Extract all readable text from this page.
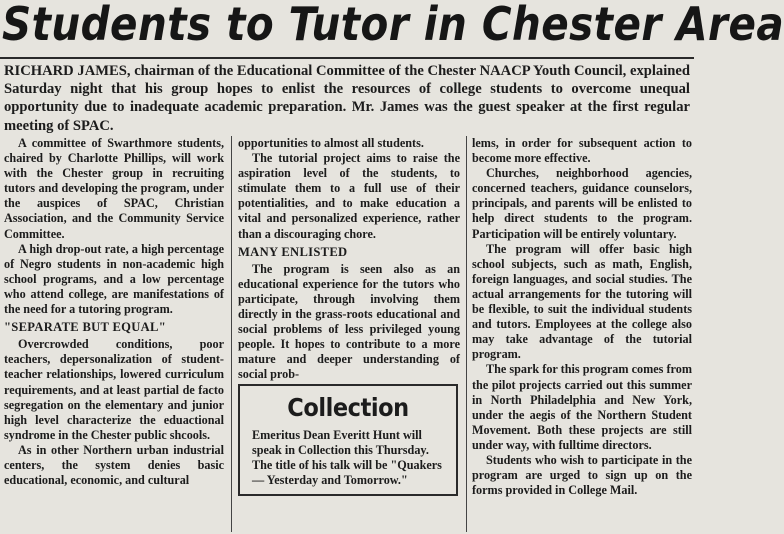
Students to Tutor in Chester Area
RICHARD JAMES, chairman of the Educational Committee of the Chester NAACP Youth Council, explained Saturday night that his group hopes to enlist the resources of college students to overcome unequal opportunity due to inadequate academic preparation. Mr. James was the guest speaker at the first regular meeting of SPAC.

A committee of Swarthmore students, chaired by Charlotte Phillips, will work with the Chester group in recruiting tutors and developing the program, under the auspices of SPAC, Christian Association, and the Community Service Committee.

A high drop-out rate, a high percentage of Negro students in non-academic high school programs, and a low percentage who attend college, are manifestations of the need for a tutoring program.

"SEPARATE BUT EQUAL"

Overcrowded conditions, poor teachers, depersonalization of student-teacher relationships, lowered curriculum requirements, and at least partial de facto segregation on the elementary and junior high level characterize the eduactional syndrome in the Chester public shcools.

As in other Northern urban industrial centers, the system denies basic educational, economic, and cultural

opportunities to almost all students.

The tutorial project aims to raise the aspiration level of the students, to stimulate them to a full use of their potentialities, and to make education a vital and personalized experience, rather than a discouraging chore.

MANY ENLISTED

The program is seen also as an educational experience for the tutors who participate, through involving them directly in the grass-roots educational and social problems of less privileged young people. It hopes to contribute to a more mature and deeper understanding of social prob-

lems, in order for subsequent action to become more effective.

Churches, neighborhood agencies, concerned teachers, guidance counselors, principals, and parents will be enlisted to help direct students to the program. Participation will be entirely voluntary.

The program will offer basic high school subjects, such as math, English, foreign languages, and social studies. The actual arrangements for the tutoring will be flexible, to suit the individual students and tutors. Employees at the college also may take advantage of the tutorial program.

The spark for this program comes from the pilot projects carried out this summer in North Philadelphia and New York, under the aegis of the Northern Student Movement. Both these projects are still under way, with fulltime directors.

Students who wish to participate in the program are urged to sign up on the forms provided in College Mail.

Collection
Emeritus Dean Everitt Hunt will speak in Collection this Thursday. The title of his talk will be "Quakers — Yesterday and Tomorrow."
